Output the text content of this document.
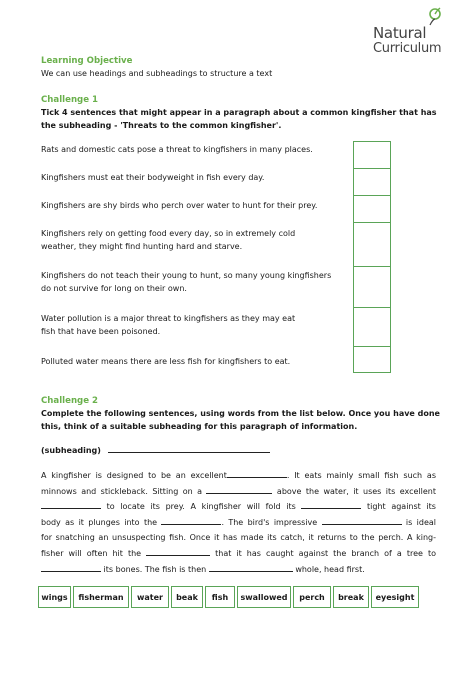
Natural
Curriculum
Learning Objective
We can use headings and subheadings to structure a text
Challenge 1
Tick 4 sentences that might appear in a paragraph about a common kingfisher that has
the subheading - 'Threats to the common kingfisher'.
Rats and domestic cats pose a threat to kingfishers in many places.
Kingfishers must eat their bodyweight in fish every day.
Kingfishers are shy birds who perch over water to hunt for their prey.
Kingfishers rely on getting food every day, so in extremely cold
weather, they might find hunting hard and starve.
Kingfishers do not teach their young to hunt, so many young kingfishers
do not survive for long on their own.
Water pollution is a major threat to kingfishers as they may eat
fish that have been poisoned.
Polluted water means there are less fish for kingfishers to eat.
Challenge 2
Complete the following sentences, using words from the list below. Once you have done
this, think of a suitable subheading for this paragraph of information.
(subheading)
A kingfisher is designed to be an excellent	. It eats mainly small fish such as
minnows and stickleback. Sitting on a	above the water, it uses its excellent
to locate its prey. A kingfisher will fold its	tight against its
body as it plunges into the	. The bird's impressive	is ideal
for snatching an unsuspecting fish. Once it has made its catch, it returns to the perch. A king-
fisher will often hit the	that it has caught against the branch of a tree to
its bones. The fish is then	whole, head first.
wings	fisherman	water	beak	fish	swallowed	perch	break	eyesight
